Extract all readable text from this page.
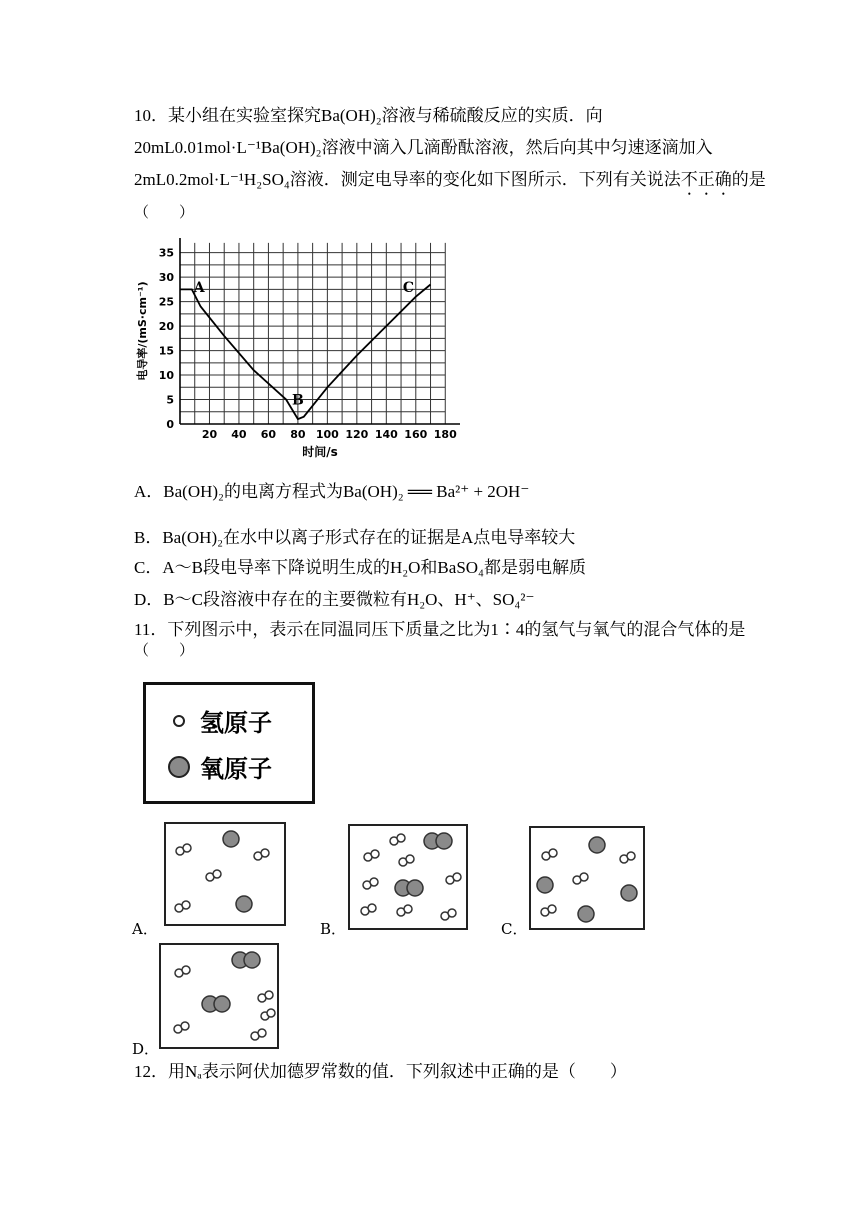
10．某小组在实验室探究Ba(OH)₂溶液与稀硫酸反应的实质．向
20mL0.01mol·L⁻¹Ba(OH)₂溶液中滴入几滴酚酞溶液，然后向其中匀速逐滴加入
2mL0.2mol·L⁻¹H₂SO₄溶液．测定电导率的变化如下图所示．下列有关说法不正确的是
（　　）
20 40 60 80 100 120 140 160 180
0
5
10
15
20
25
30
35
时间/s
电导率/(mS·cm⁻¹)	A
B
C
A．Ba(OH)₂的电离方程式为Ba(OH)₂ ══ Ba²⁺ + 2OH⁻
B．Ba(OH)₂在水中以离子形式存在的证据是A点电导率较大
C．A～B段电导率下降说明生成的H₂O和BaSO₄都是弱电解质
D．B～C段溶液中存在的主要微粒有H₂O、H⁺、SO₄²⁻
11．下列图示中，表示在同温同压下质量之比为1∶4的氢气与氧气的混合气体的是
（　　）
氢原子
氧原子
A．	B．	C．
D．
12．用Nₐ表示阿伏加德罗常数的值．下列叙述中正确的是（　　）
